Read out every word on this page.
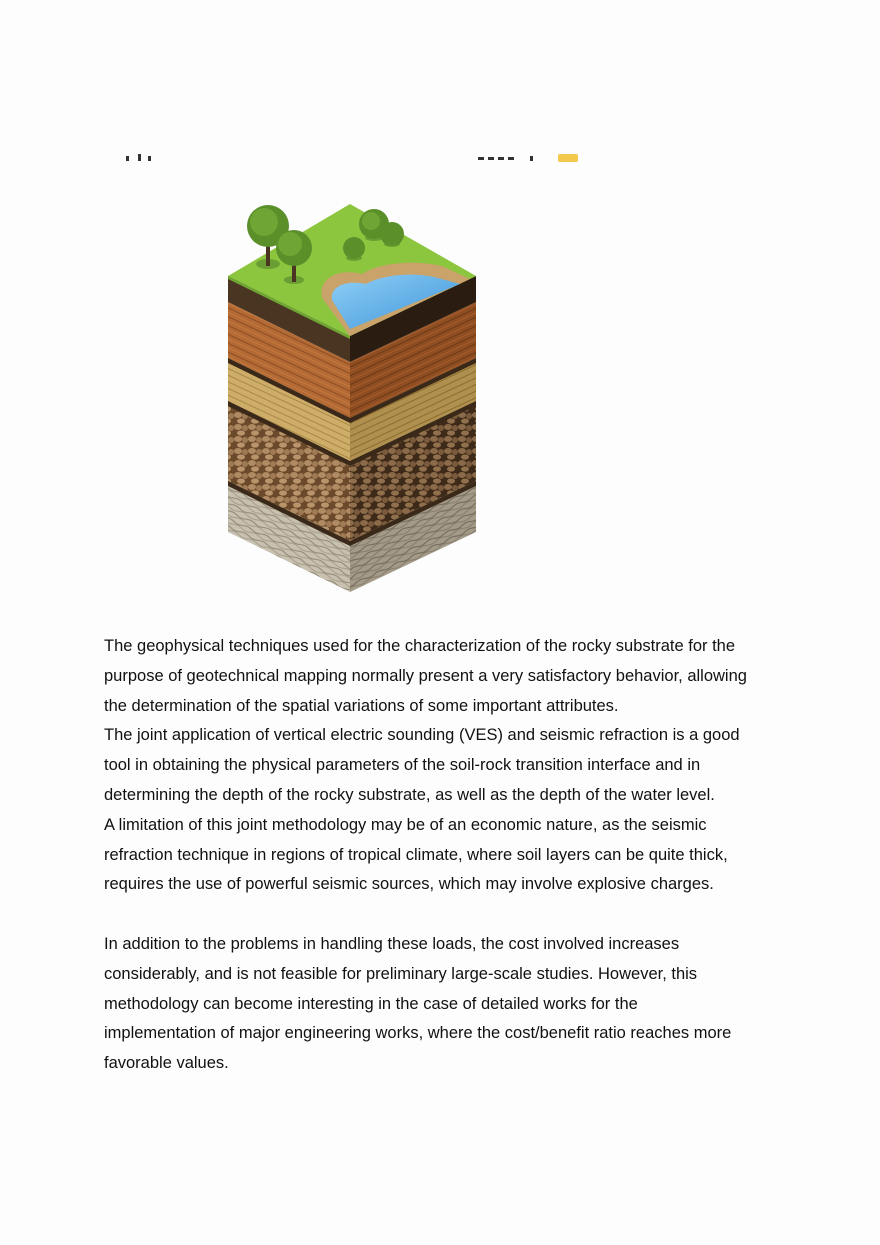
The geophysical techniques used for the characterization of the rocky substrate for the

purpose of geotechnical mapping normally present a very satisfactory behavior, allowing

the determination of the spatial variations of some important attributes.

The joint application of vertical electric sounding (VES) and seismic refraction is a good

tool in obtaining the physical parameters of the soil-rock transition interface and in

determining the depth of the rocky substrate, as well as the depth of the water level.

A limitation of this joint methodology may be of an economic nature, as the seismic

refraction technique in regions of tropical climate, where soil layers can be quite thick,

requires the use of powerful seismic sources, which may involve explosive charges.

In addition to the problems in handling these loads, the cost involved increases

considerably, and is not feasible for preliminary large-scale studies. However, this

methodology can become interesting in the case of detailed works for the

implementation of major engineering works, where the cost/benefit ratio reaches more

favorable values.
